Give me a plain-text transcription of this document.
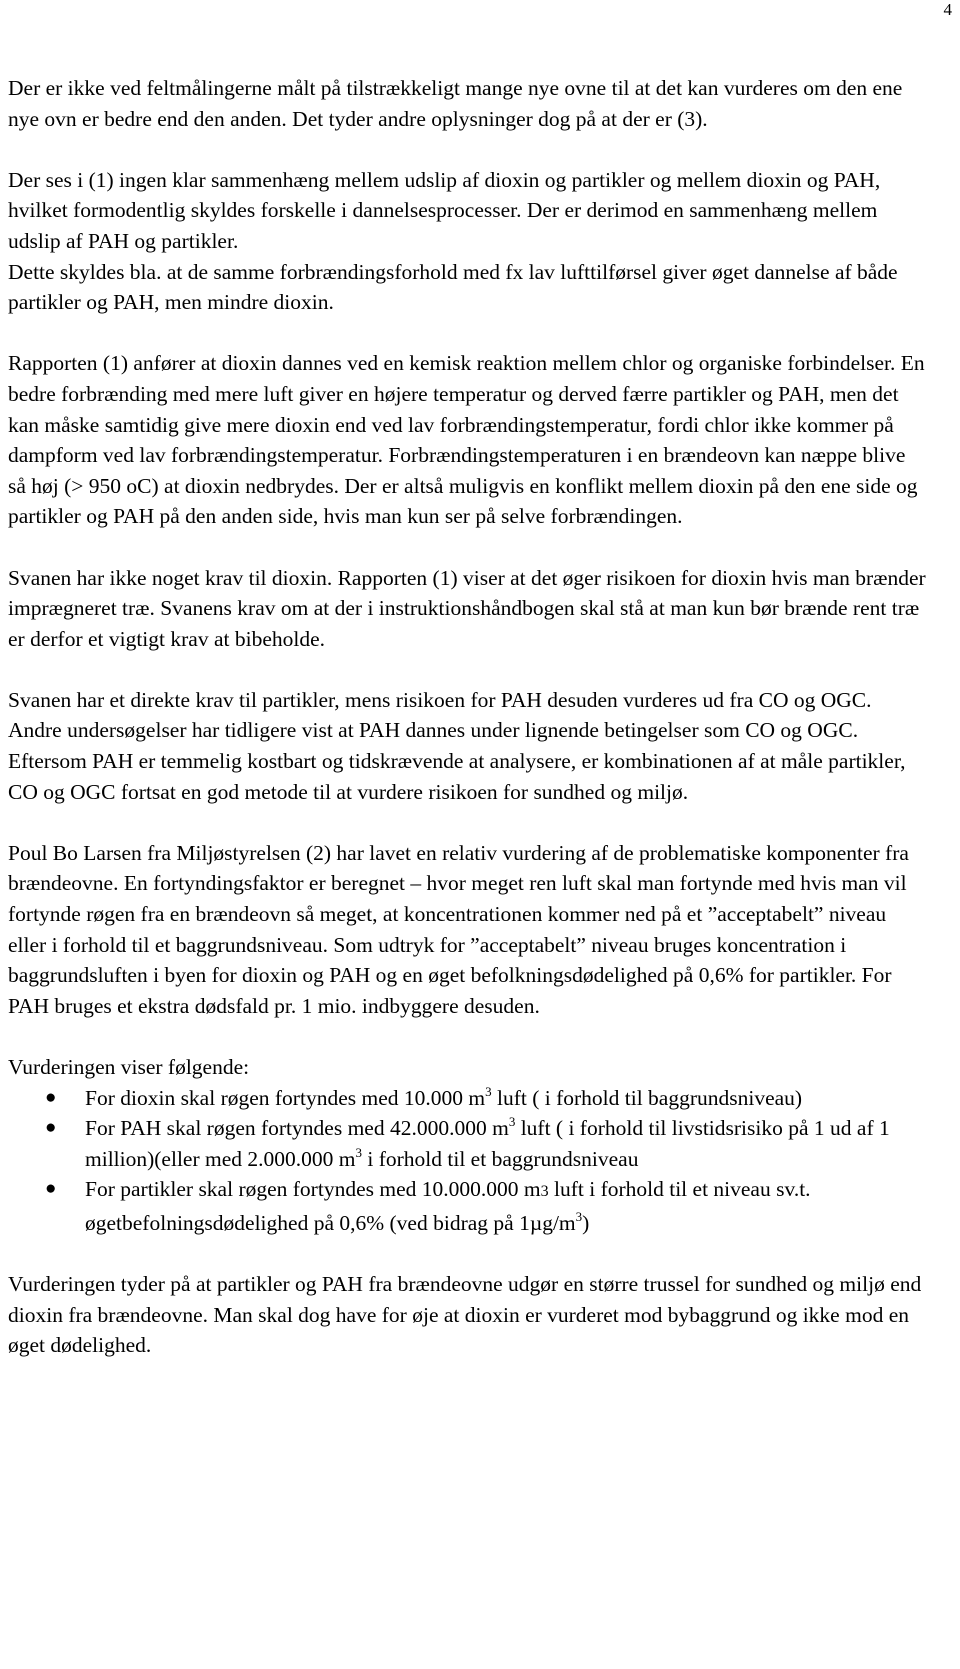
4

Der er ikke ved feltmålingerne målt på tilstrækkeligt mange nye ovne til at det kan vurderes om den ene nye ovn er bedre end den anden. Det tyder andre oplysninger dog på at der er (3).

Der ses i (1) ingen klar sammenhæng mellem udslip af dioxin og partikler og mellem dioxin og PAH, hvilket formodentlig skyldes forskelle i dannelsesprocesser. Der er derimod en sammenhæng mellem udslip af PAH og partikler.

Dette skyldes bla. at de samme forbrændingsforhold med fx lav lufttilførsel giver øget dannelse af både partikler og PAH, men mindre dioxin.

Rapporten (1) anfører at dioxin dannes ved en kemisk reaktion mellem chlor og organiske forbindelser. En bedre forbrænding med mere luft giver en højere temperatur og derved færre partikler og PAH, men det kan måske samtidig give mere dioxin end ved lav forbrændingstemperatur, fordi chlor ikke kommer på dampform ved lav forbrændingstemperatur. Forbrændingstemperaturen i en brændeovn kan næppe blive så høj (> 950 oC) at dioxin nedbrydes. Der er altså muligvis en konflikt mellem dioxin på den ene side og partikler og PAH på den anden side, hvis man kun ser på selve forbrændingen.

Svanen har ikke noget krav til dioxin. Rapporten (1) viser at det øger risikoen for dioxin hvis man brænder imprægneret træ. Svanens krav om at der i instruktionshåndbogen skal stå at man kun bør brænde rent træ er derfor et vigtigt krav at bibeholde.

Svanen har et direkte krav til partikler, mens risikoen for PAH desuden vurderes ud fra CO og OGC. Andre undersøgelser har tidligere vist at PAH dannes under lignende betingelser som CO og OGC. Eftersom PAH er temmelig kostbart og tidskrævende at analysere, er kombinationen af at måle partikler, CO og OGC fortsat en god metode til at vurdere risikoen for sundhed og miljø.

Poul Bo Larsen fra Miljøstyrelsen (2) har lavet en relativ vurdering af de problematiske komponenter fra brændeovne. En fortyndingsfaktor er beregnet – hvor meget ren luft skal man fortynde med hvis man vil fortynde røgen fra en brændeovn så meget, at koncentrationen kommer ned på et ”acceptabelt” niveau eller i forhold til et baggrundsniveau. Som udtryk for ”acceptabelt” niveau bruges koncentration i baggrundsluften i byen for dioxin og PAH og en øget befolkningsdødelighed på 0,6% for partikler. For PAH bruges et ekstra dødsfald pr. 1 mio. indbyggere desuden.

Vurderingen viser følgende:

● For dioxin skal røgen fortyndes med 10.000 $m^3$ luft ( i forhold til baggrundsniveau)
● For PAH skal røgen fortyndes med 42.000.000 $m^3$ luft ( i forhold til livstidsrisiko på 1 ud af 1 million)(eller med 2.000.000 $m^3$ i forhold til et baggrundsniveau
● For partikler skal røgen fortyndes med 10.000.000 m3 luft i forhold til et niveau sv.t. øgetbefolningsdødelighed på 0,6% (ved bidrag på $1\mu g/m^3$)

Vurderingen tyder på at partikler og PAH fra brændeovne udgør en større trussel for sundhed og miljø end dioxin fra brændeovne. Man skal dog have for øje at dioxin er vurderet mod bybaggrund og ikke mod en øget dødelighed.
